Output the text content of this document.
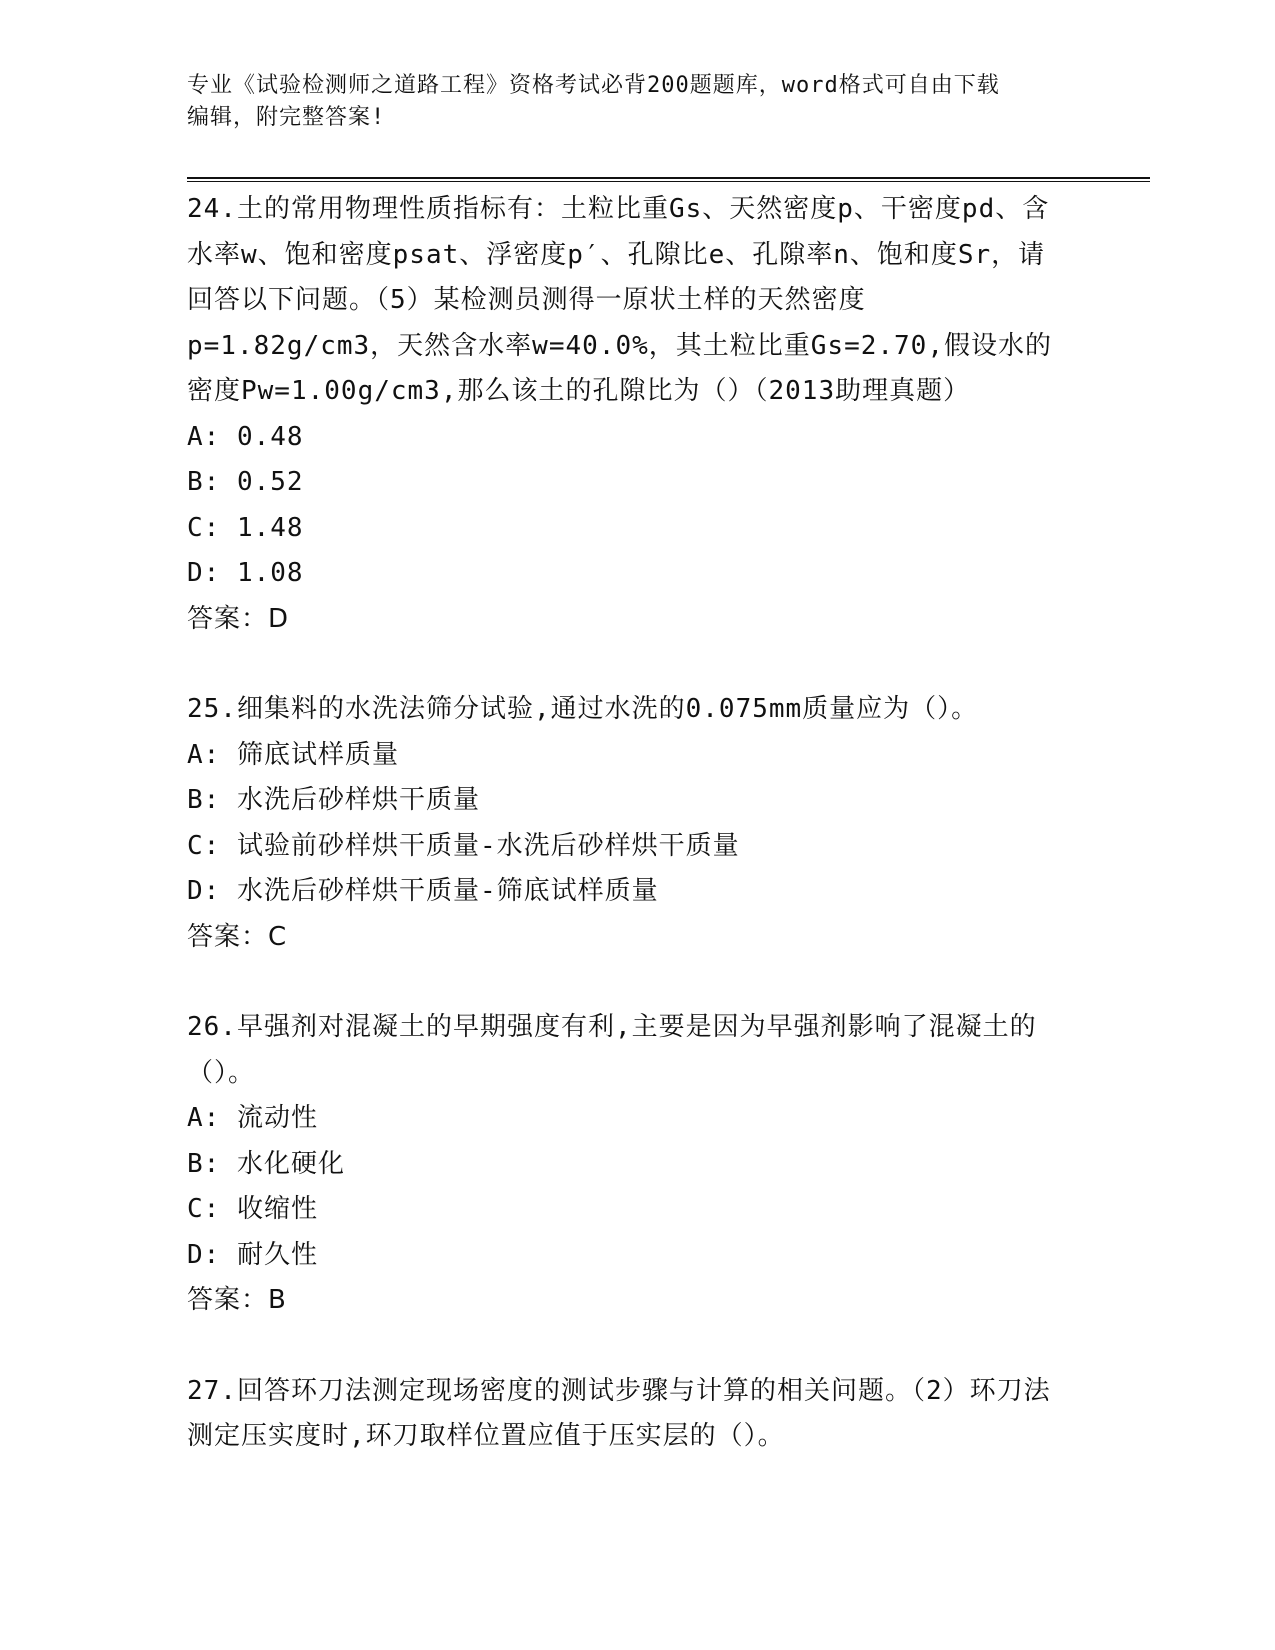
专业《试验检测师之道路工程》资格考试必背200题题库，word格式可自由下载
编辑，附完整答案!

24.土的常用物理性质指标有：土粒比重Gs、天然密度p、干密度pd、含水率w、饱和密度psat、浮密度p′、孔隙比e、孔隙率n、饱和度Sr，请回答以下问题。（5）某检测员测得一原状土样的天然密度p=1.82g/cm3，天然含水率w=40.0%，其土粒比重Gs=2.70,假设水的密度Pw=1.00g/cm3,那么该土的孔隙比为（）（2013助理真题）

A: 0.48

B: 0.52

C: 1.48

D: 1.08

答案：D

25.细集料的水洗法筛分试验,通过水洗的0.075mm质量应为（）。

A: 筛底试样质量

B: 水洗后砂样烘干质量

C: 试验前砂样烘干质量-水洗后砂样烘干质量

D: 水洗后砂样烘干质量-筛底试样质量

答案：C

26.早强剂对混凝土的早期强度有利,主要是因为早强剂影响了混凝土的（）。

A: 流动性

B: 水化硬化

C: 收缩性

D: 耐久性

答案：B

27.回答环刀法测定现场密度的测试步骤与计算的相关问题。（2）环刀法测定压实度时,环刀取样位置应值于压实层的（）。
